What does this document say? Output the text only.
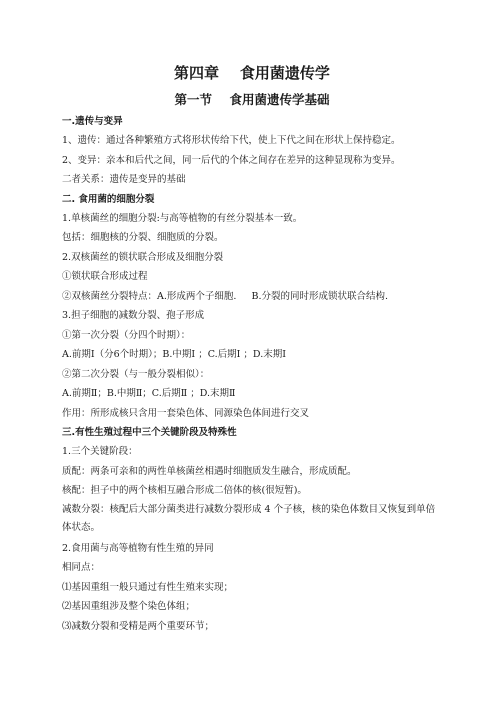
第四章    食用菌遗传学
第一节    食用菌遗传学基础

一.遗传与变异

1、遗传：通过各种繁殖方式将形状传给下代，使上下代之间在形状上保持稳定。

2、变异：亲本和后代之间，同一后代的个体之间存在差异的这种显现称为变异。

二者关系：遗传是变异的基础

二. 食用菌的细胞分裂

1.单核菌丝的细胞分裂:与高等植物的有丝分裂基本一致。

包括：细胞核的分裂、细胞质的分裂。

2.双核菌丝的锁状联合形成及细胞分裂

①锁状联合形成过程

②双核菌丝分裂特点：A.形成两个子细胞.     B.分裂的同时形成锁状联合结构.

3.担子细胞的减数分裂、孢子形成

①第一次分裂（分四个时期）：

A.前期Ⅰ（分6个时期）；B.中期Ⅰ ；C.后期Ⅰ ；D.末期Ⅰ

②第二次分裂（与一般分裂相似）：

A.前期Ⅱ；B.中期Ⅱ；C.后期Ⅱ ；D.末期Ⅱ

作用：所形成核只含用一套染色体、同源染色体间进行交叉

三.有性生殖过程中三个关键阶段及特殊性

1.三个关键阶段：

质配：两条可亲和的两性单核菌丝相遇时细胞质发生融合，形成质配。

核配：担子中的两个核相互融合形成二倍体的核(很短暂)。

减数分裂：核配后大部分菌类进行减数分裂形成 4 个子核，核的染色体数目又恢复到单倍体状态。

2.食用菌与高等植物有性生殖的异同

相同点：

⑴基因重组一般只通过有性生殖来实现；

⑵基因重组涉及整个染色体组；

⑶减数分裂和受精是两个重要环节；
